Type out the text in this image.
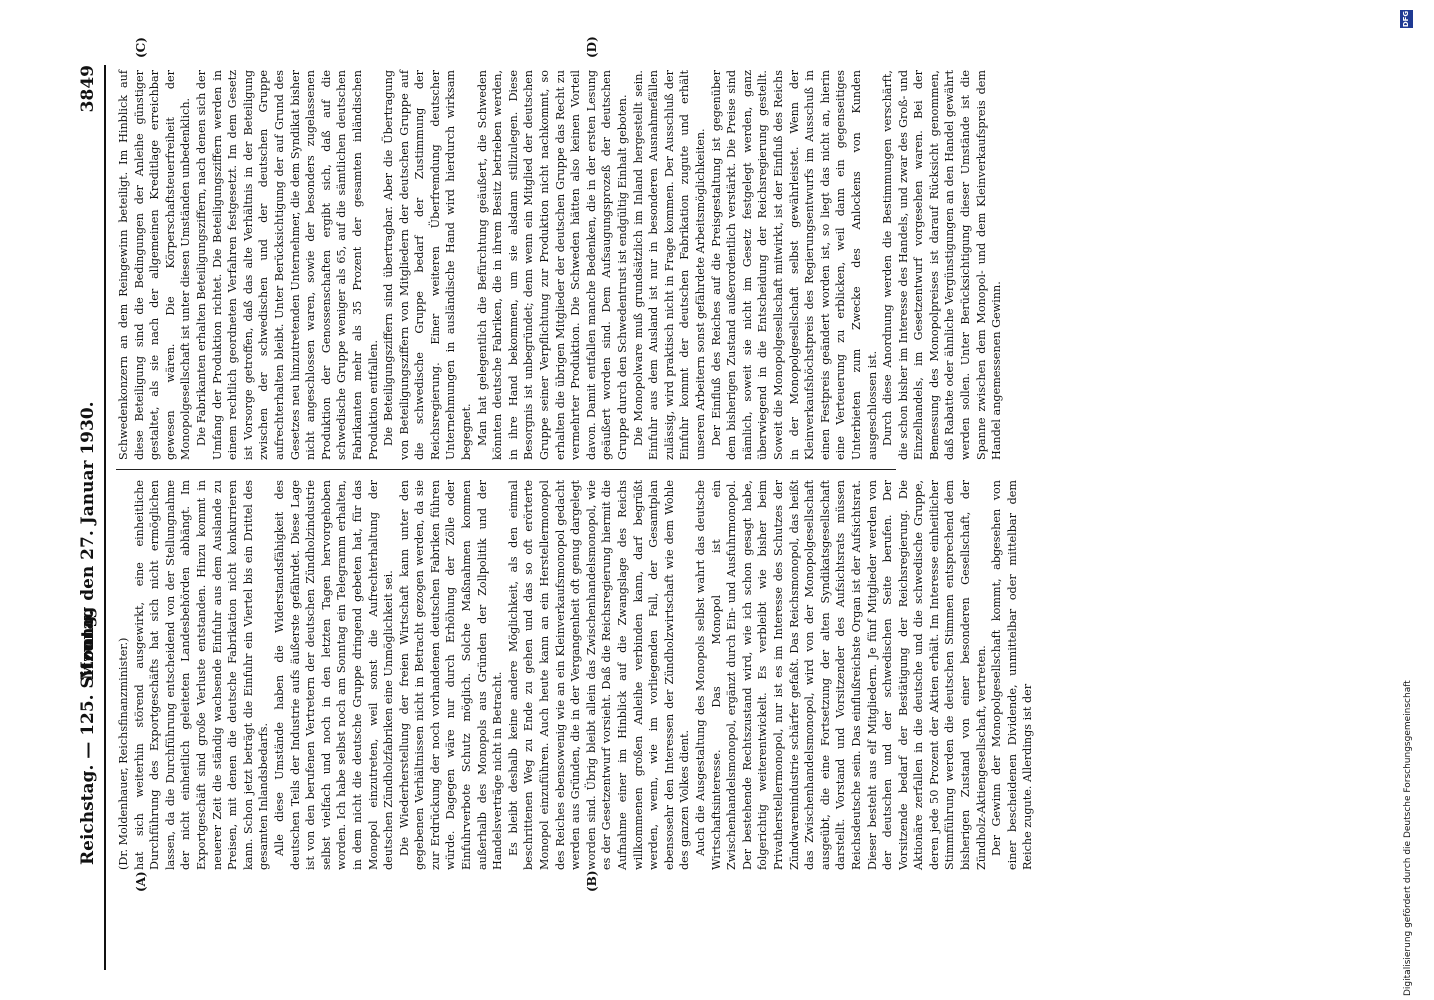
Reichstag. — 125. Sitzung.
Montag den 27. Januar 1930.
3849
(A)	(B)
(C)	(D)

(Dr. Moldenhauer, Reichsfinanzminister.) hat sich weiterhin störend ausgewirkt, eine einheitliche Durchführung des Exportgeschäfts hat sich nicht ermöglichen lassen, da die Durchführung entscheidend von der Stellungnahme der nicht einheitlich geleiteten Landesbehörden abhängt. Im Exportgeschäft sind große Verluste entstanden. Hinzu kommt in neuerer Zeit die ständig wachsende Einfuhr aus dem Auslande zu Preisen, mit denen die deutsche Fabrikation nicht konkurrieren kann. Schon jetzt beträgt die Einfuhr ein Viertel bis ein Drittel des gesamten Inlandsbedarfs. Alle diese Umstände haben die Widerstandsfähigkeit des deutschen Teils der Industrie aufs äußerste gefährdet. Diese Lage ist von den berufenen Vertretern der deutschen Zündholzindustrie selbst vielfach und noch in den letzten Tagen hervorgehoben worden. Ich habe selbst noch am Sonntag ein Telegramm erhalten, in dem nicht die deutsche Gruppe dringend gebeten hat, für das Monopol einzutreten, weil sonst die Aufrechterhaltung der deutschen Zündholzfabriken eine Unmöglichkeit sei. Die Wiederherstellung der freien Wirtschaft kann unter den gegebenen Verhältnissen nicht in Betracht gezogen werden, da sie zur Erdrückung der noch vorhandenen deutschen Fabriken führen würde. Dagegen wäre nur durch Erhöhung der Zölle oder Einfuhrverbote Schutz möglich. Solche Maßnahmen kommen außerhalb des Monopols aus Gründen der Zollpolitik und der Handelsverträge nicht in Betracht. Es bleibt deshalb keine andere Möglichkeit, als den einmal beschrittenen Weg zu Ende zu gehen und das so oft erörterte Monopol einzuführen. Auch heute kann an ein Herstellermonopol des Reiches ebensowenig wie an ein Kleinverkaufsmonopol gedacht werden aus Gründen, die in der Vergangenheit oft genug dargelegt worden sind. Übrig bleibt allein das Zwischenhandelsmonopol, wie es der Gesetzentwurf vorsieht. Daß die Reichsregierung hiermit die Aufnahme einer im Hinblick auf die Zwangslage des Reichs willkommenen großen Anleihe verbinden kann, darf begrüßt werden, wenn, wie im vorliegenden Fall, der Gesamtplan ebensosehr den Interessen der Zündholzwirtschaft wie dem Wohle des ganzen Volkes dient. Auch die Ausgestaltung des Monopols selbst wahrt das deutsche Wirtschaftsinteresse. Das Monopol ist ein Zwischenhandelsmonopol, ergänzt durch Ein- und Ausfuhrmonopol. Der bestehende Rechtszustand wird, wie ich schon gesagt habe, folgerichtig weiterentwickelt. Es verbleibt wie bisher beim Privatherstellermonopol, nur ist es im Interesse des Schutzes der Zündwarenindustrie schärfer gefaßt. Das Reichsmonopol, das heißt das Zwischenhandelsmonopol, wird von der Monopolgesellschaft ausgeübt, die eine Fortsetzung der alten Syndikatsgesellschaft darstellt. Vorstand und Vorsitzender des Aufsichtsrats müssen Reichsdeutsche sein. Das einflußreichste Organ ist der Aufsichtsrat. Dieser besteht aus elf Mitgliedern. Je fünf Mitglieder werden von der deutschen und der schwedischen Seite berufen. Der Vorsitzende bedarf der Bestätigung der Reichsregierung. Die Aktionäre zerfallen in die deutsche und die schwedische Gruppe, deren jede 50 Prozent der Aktien erhält. Im Interesse einheitlicher Stimmführung werden die deutschen Stimmen entsprechend dem bisherigen Zustand von einer besonderen Gesellschaft, der Zündholz-Aktiengesellschaft, vertreten. Der Gewinn der Monopolgesellschaft kommt, abgesehen von einer bescheidenen Dividende, unmittelbar oder mittelbar dem Reiche zugute. Allerdings ist der

Schwedenkonzern an dem Reingewinn beteiligt. Im Hinblick auf diese Beteiligung sind die Bedingungen der Anleihe günstiger gestaltet, als sie nach der allgemeinen Kreditlage erreichbar gewesen wären. Die Körperschaftsteuerfreiheit der Monopolgesellschaft ist unter diesen Umständen unbedenklich. Die Fabrikanten erhalten Beteiligungsziffern, nach denen sich der Umfang der Produktion richtet. Die Beteiligungsziffern werden in einem rechtlich geordneten Verfahren festgesetzt. Im dem Gesetz ist Vorsorge getroffen, daß das alte Verhältnis in der Beteiligung zwischen der schwedischen und der deutschen Gruppe aufrechterhalten bleibt. Unter Berücksichtigung der auf Grund des Gesetzes neu hinzutretenden Unternehmer, die dem Syndikat bisher nicht angeschlossen waren, sowie der besonders zugelassenen Produktion der Genossenschaften ergibt sich, daß auf die schwedische Gruppe weniger als 65, auf die sämtlichen deutschen Fabrikanten mehr als 35 Prozent der gesamten inländischen Produktion entfallen. Die Beteiligungsziffern sind übertragbar. Aber die Übertragung von Beteiligungsziffern von Mitgliedern der deutschen Gruppe auf die schwedische Gruppe bedarf der Zustimmung der Reichsregierung. Einer weiteren Überfremdung deutscher Unternehmungen in ausländische Hand wird hierdurch wirksam begegnet. Man hat gelegentlich die Befürchtung geäußert, die Schweden könnten deutsche Fabriken, die in ihrem Besitz betrieben werden, in ihre Hand bekommen, um sie alsdann stillzulegen. Diese Besorgnis ist unbegründet; denn wenn ein Mitglied der deutschen Gruppe seiner Verpflichtung zur Produktion nicht nachkommt, so erhalten die übrigen Mitglieder der deutschen Gruppe das Recht zu vermehrter Produktion. Die Schweden hätten also keinen Vorteil davon. Damit entfallen manche Bedenken, die in der ersten Lesung geäußert worden sind. Dem Aufsaugungsprozeß der deutschen Gruppe durch den Schwedentrust ist endgültig Einhalt geboten. Die Monopolware muß grundsätzlich im Inland hergestellt sein. Einfuhr aus dem Ausland ist nur in besonderen Ausnahmefällen zulässig, wird praktisch nicht in Frage kommen. Der Ausschluß der Einfuhr kommt der deutschen Fabrikation zugute und erhält unseren Arbeitern sonst gefährdete Arbeitsmöglichkeiten. Der Einfluß des Reiches auf die Preisgestaltung ist gegenüber dem bisherigen Zustand außerordentlich verstärkt. Die Preise sind nämlich, soweit sie nicht im Gesetz festgelegt werden, ganz überwiegend in die Entscheidung der Reichsregierung gestellt. Soweit die Monopolgesellschaft mitwirkt, ist der Einfluß des Reichs in der Monopolgesellschaft selbst gewährleistet. Wenn der Kleinverkaufshöchstpreis des Regierungsentwurfs im Ausschuß in einen Festpreis geändert worden ist, so liegt das nicht an, hierin eine Verteuerung zu erblicken, weil dann ein gegenseitiges Unterbieten zum Zwecke des Anlockens von Kunden ausgeschlossen ist. Durch diese Anordnung werden die Bestimmungen verschärft, die schon bisher im Interesse des Handels, und zwar des Groß- und Einzelhandels, im Gesetzentwurf vorgesehen waren. Bei der Bemessung des Monopolpreises ist darauf Rücksicht genommen, daß Rabatte oder ähnliche Vergünstigungen an den Handel gewährt werden sollen. Unter Berücksichtigung dieser Umstände ist die Spanne zwischen dem Monopol- und dem Kleinverkaufspreis dem Handel angemessenen Gewinn.

Digitalisierung gefördert durch die Deutsche Forschungsgemeinschaft
DFG
